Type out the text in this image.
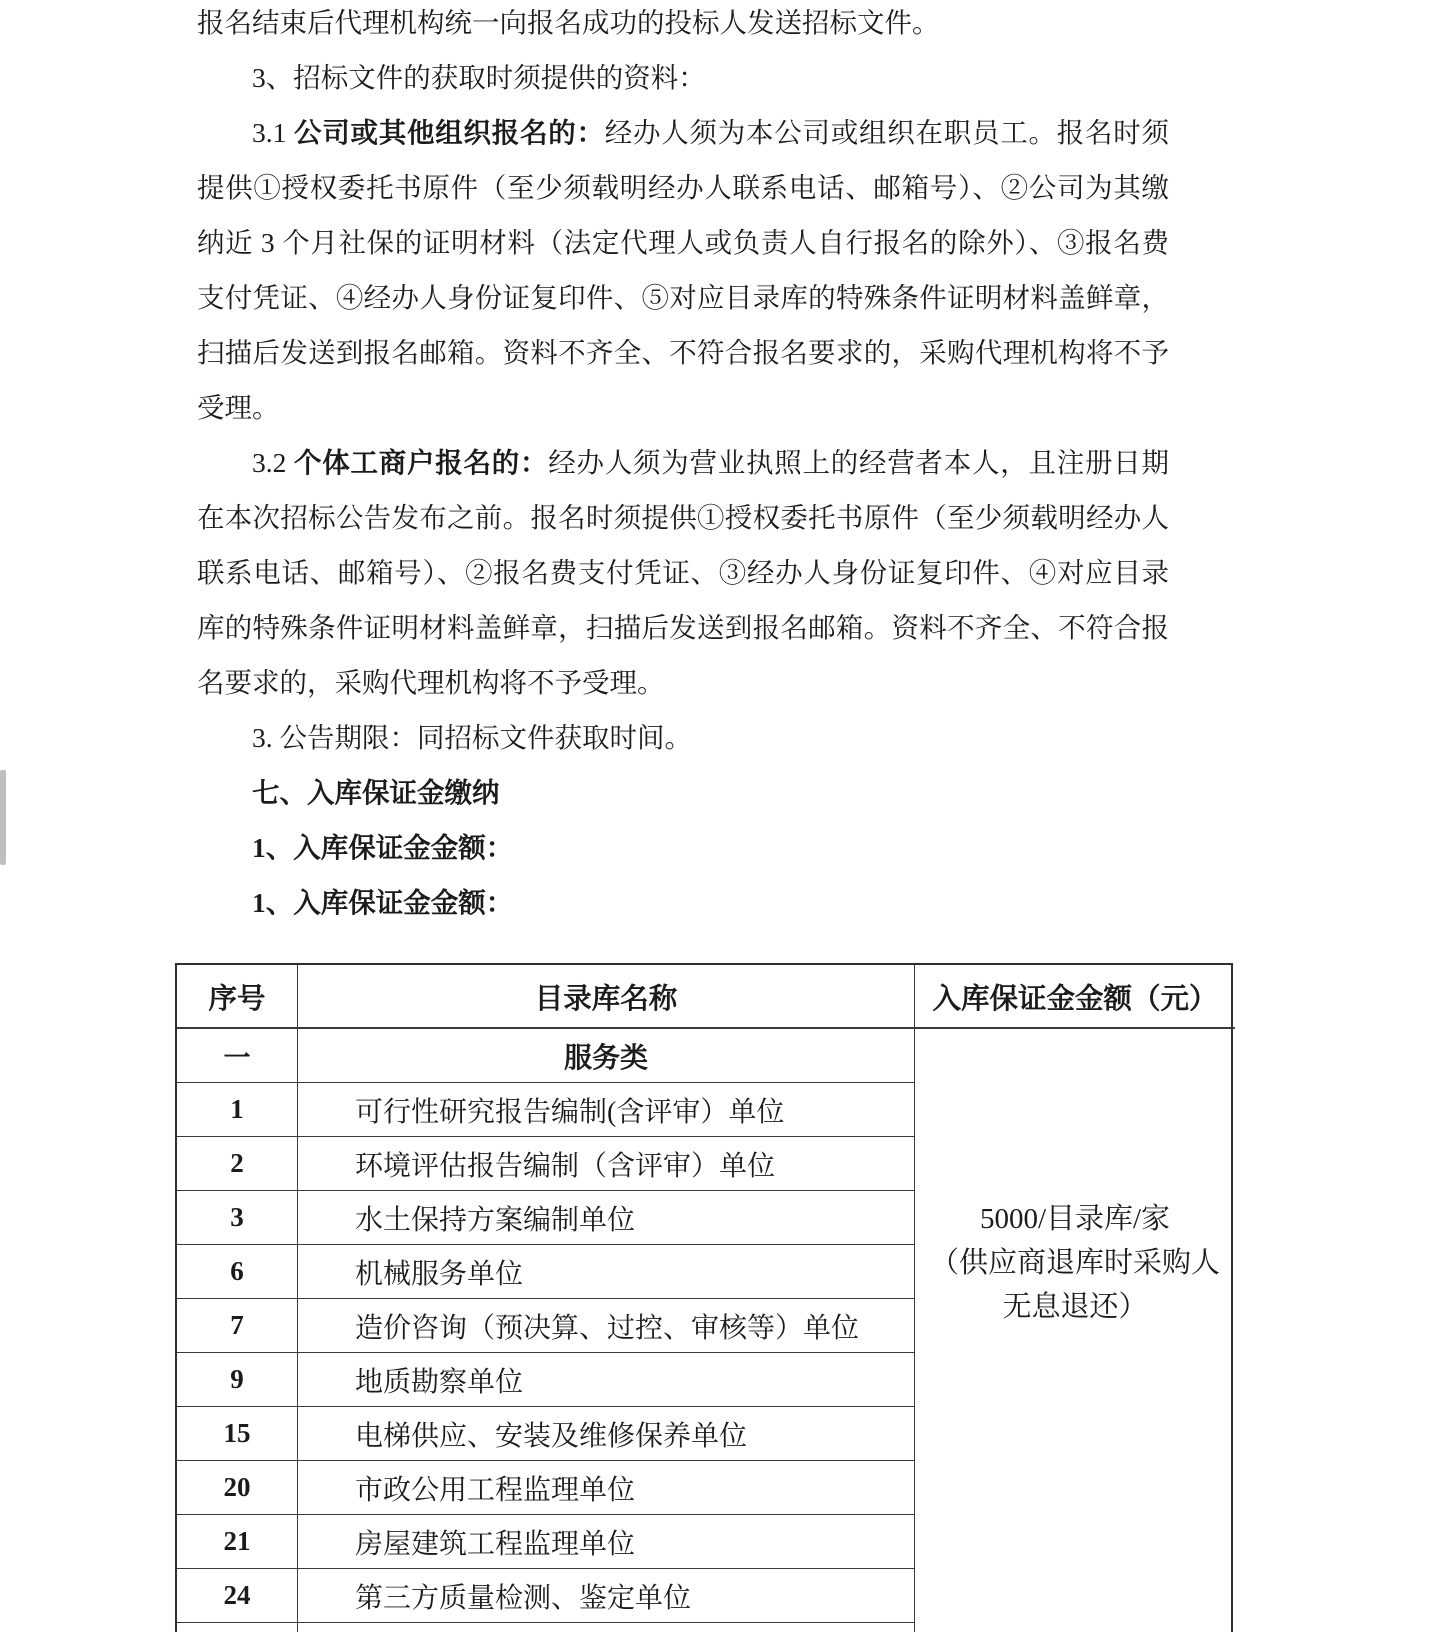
报名结束后代理机构统一向报名成功的投标人发送招标文件。
3、招标文件的获取时须提供的资料：
3.1 公司或其他组织报名的：经办人须为本公司或组织在职员工。报名时须
提供①授权委托书原件（至少须载明经办人联系电话、邮箱号）、②公司为其缴
纳近 3 个月社保的证明材料（法定代理人或负责人自行报名的除外）、③报名费
支付凭证、④经办人身份证复印件、⑤对应目录库的特殊条件证明材料盖鲜章，
扫描后发送到报名邮箱。资料不齐全、不符合报名要求的，采购代理机构将不予
受理。
3.2 个体工商户报名的：经办人须为营业执照上的经营者本人，且注册日期
在本次招标公告发布之前。报名时须提供①授权委托书原件（至少须载明经办人
联系电话、邮箱号）、②报名费支付凭证、③经办人身份证复印件、④对应目录
库的特殊条件证明材料盖鲜章，扫描后发送到报名邮箱。资料不齐全、不符合报
名要求的，采购代理机构将不予受理。
3. 公告期限：同招标文件获取时间。
七、入库保证金缴纳
1、入库保证金金额：
1、入库保证金金额：
序号	目录库名称	入库保证金金额（元）
5000/目录库/家
（供应商退库时采购人
无息退还）
一	服务类
1	可行性研究报告编制(含评审）单位
2	环境评估报告编制（含评审）单位
3	水土保持方案编制单位
6	机械服务单位
7	造价咨询（预决算、过控、审核等）单位
9	地质勘察单位
15	电梯供应、安装及维修保养单位
20	市政公用工程监理单位
21	房屋建筑工程监理单位
24	第三方质量检测、鉴定单位
